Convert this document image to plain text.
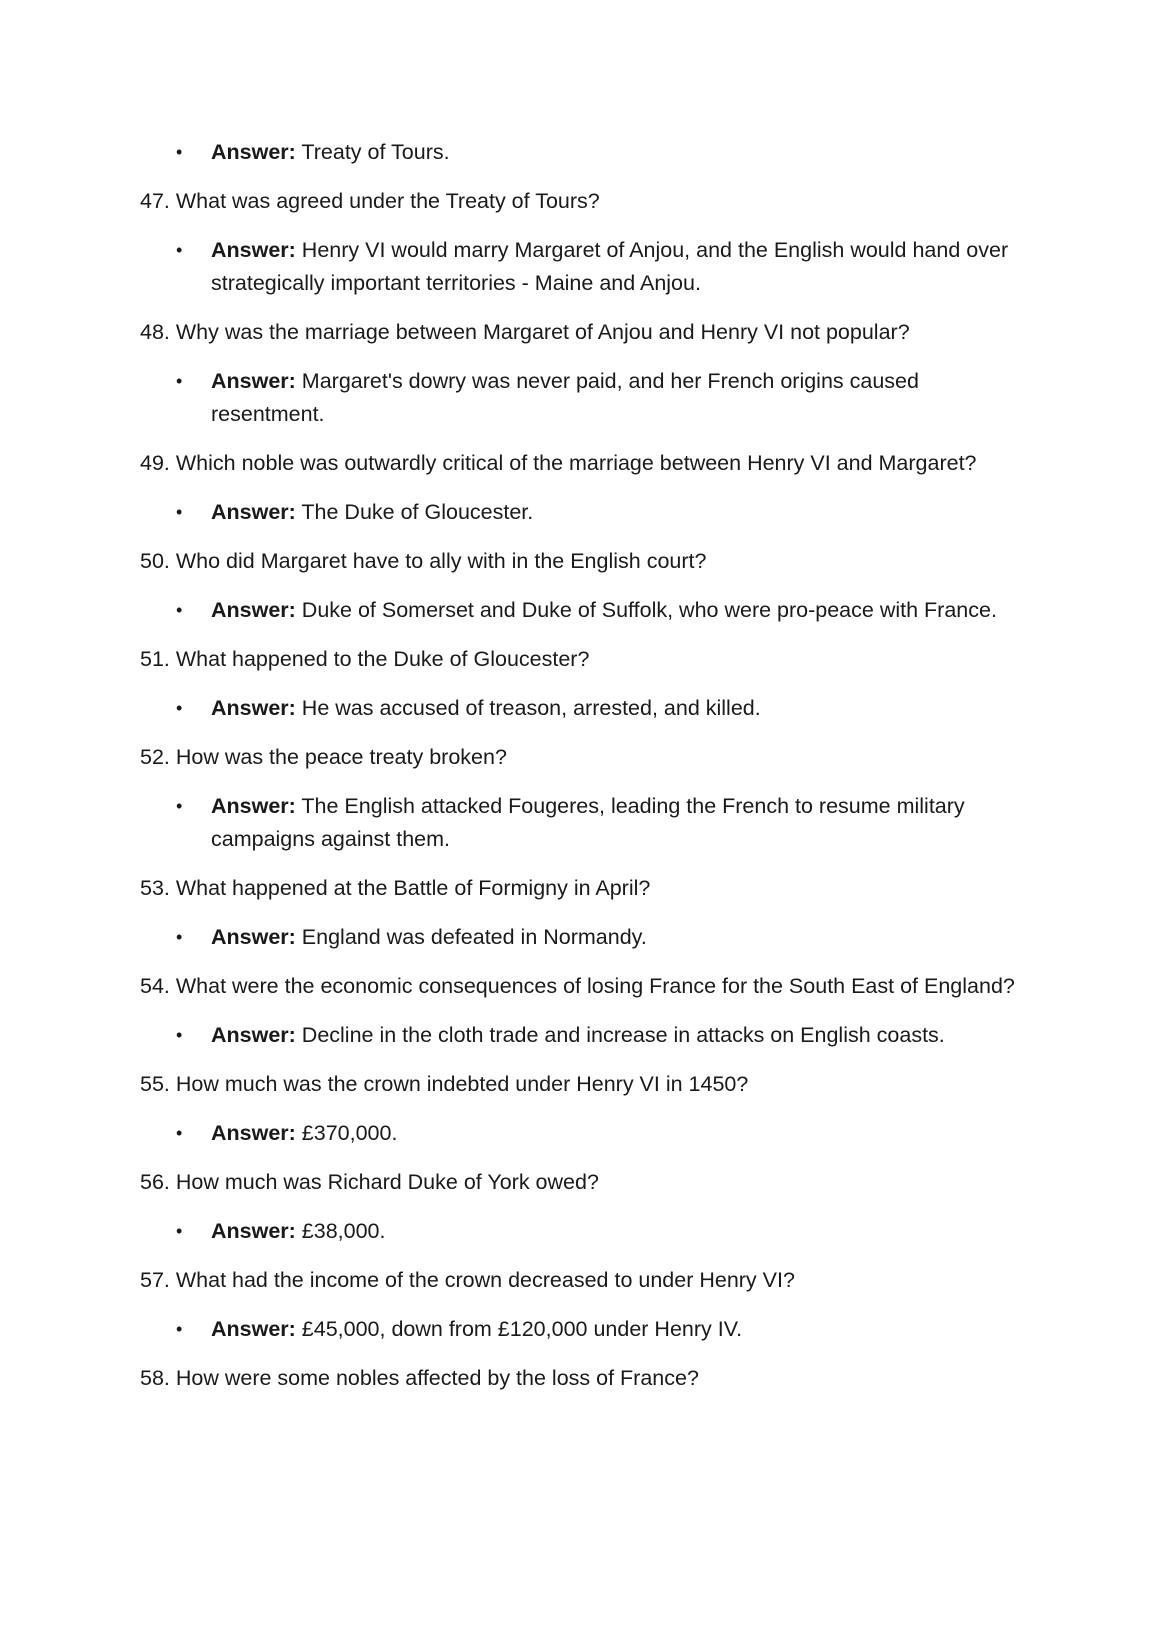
• Answer: Treaty of Tours.
47. What was agreed under the Treaty of Tours?
• Answer: Henry VI would marry Margaret of Anjou, and the English would hand over strategically important territories - Maine and Anjou.
48. Why was the marriage between Margaret of Anjou and Henry VI not popular?
• Answer: Margaret's dowry was never paid, and her French origins caused resentment.
49. Which noble was outwardly critical of the marriage between Henry VI and Margaret?
• Answer: The Duke of Gloucester.
50. Who did Margaret have to ally with in the English court?
• Answer: Duke of Somerset and Duke of Suffolk, who were pro-peace with France.
51. What happened to the Duke of Gloucester?
• Answer: He was accused of treason, arrested, and killed.
52. How was the peace treaty broken?
• Answer: The English attacked Fougeres, leading the French to resume military campaigns against them.
53. What happened at the Battle of Formigny in April?
• Answer: England was defeated in Normandy.
54. What were the economic consequences of losing France for the South East of England?
• Answer: Decline in the cloth trade and increase in attacks on English coasts.
55. How much was the crown indebted under Henry VI in 1450?
• Answer: £370,000.
56. How much was Richard Duke of York owed?
• Answer: £38,000.
57. What had the income of the crown decreased to under Henry VI?
• Answer: £45,000, down from £120,000 under Henry IV.
58. How were some nobles affected by the loss of France?
